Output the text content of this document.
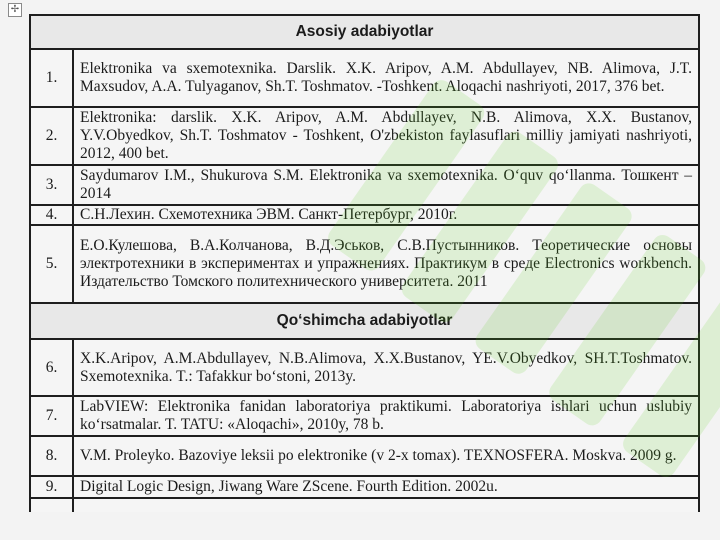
✢
Asosiy adabiyotlar	
1.	Elektronika va sxemotexnika. Darslik. X.K. Aripov, A.M. Abdullayev, NB. Alimova, J.T. Maxsudov, A.A. Tulyaganov, Sh.T. Toshmatov. -Toshkent. Aloqachi nashriyoti, 2017, 376 bet.
2.	Elektronika: darslik. X.K. Aripov, A.M. Abdullayev, N.B. Alimova, X.X. Bustanov, Y.V.Obyedkov, Sh.T. Toshmatov - Toshkent, O'zbekiston faylasuflari milliy jamiyati nashriyoti, 2012, 400 bet.
3.	Saydumarov I.M., Shukurova S.M. Elektronika va sxemotexnika. O‘quv qo‘llanma. Тошкент – 2014
4.	С.Н.Лехин. Схемотехника ЭВМ. Санкт-Петербург, 2010г.
5.	Е.О.Кулешова, В.А.Колчанова, В.Д.Эськов, С.В.Пустынников. Теоретические основы электротехники в экспериментах и упражнениях. Практикум в среде Electronics workbench. Издательство Томского политехнического университета. 2011
Qo‘shimcha adabiyotlar	
6.	X.K.Aripov, A.M.Abdullayev, N.B.Alimova, X.X.Bustanov, YE.V.Obyedkov, SH.T.Toshmatov. Sxemotexnika. T.: Tafakkur bo‘stoni, 2013y.
7.	LabVIEW: Elektronika fanidan laboratoriya praktikumi. Laboratoriya ishlari uchun uslubiy ko‘rsatmalar. T. TATU: «Aloqachi», 2010y, 78 b.
8.	V.M. Proleyko. Bazoviye leksii po elektronike (v 2-x tomax). TEXNOSFERA. Moskva. 2009 g.
9.	Digital Logic Design, Jiwang Ware ZScene. Fourth Edition. 2002u.
